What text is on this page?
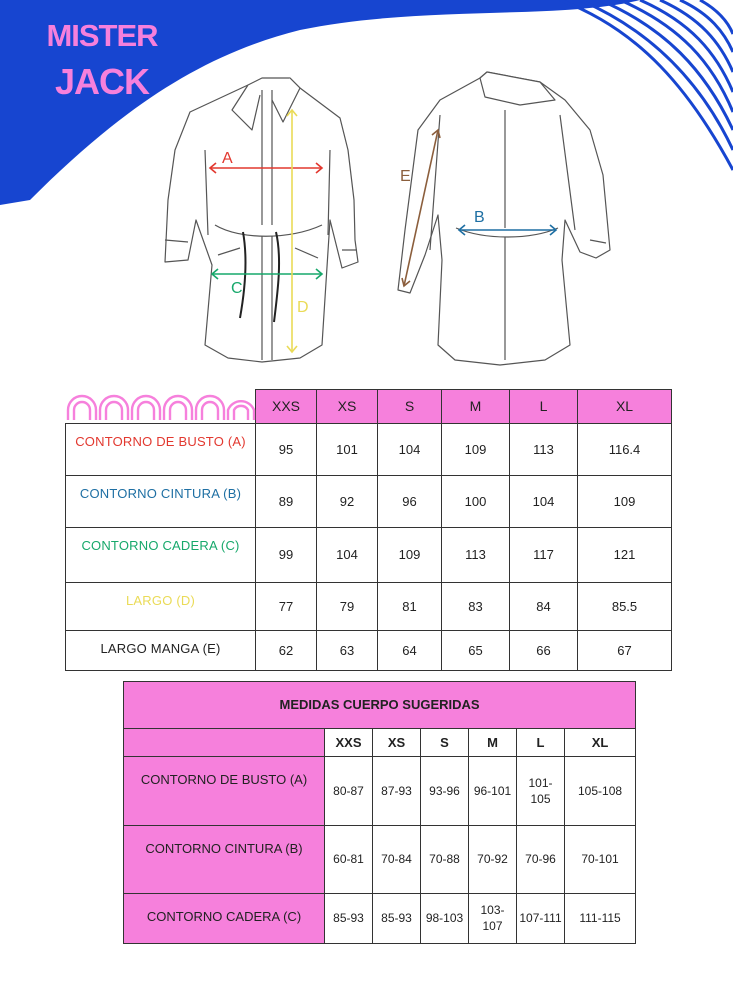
MISTER
JACK
A
B
C
D
E
	XXS	XS	S	M	L	XL
CONTORNO DE BUSTO (A)	95	101	104	109	113	116.4
CONTORNO CINTURA (B)	89	92	96	100	104	109
CONTORNO CADERA (C)	99	104	109	113	117	121
LARGO (D)	77	79	81	83	84	85.5
LARGO MANGA (E)	62	63	64	65	66	67
MEDIDAS CUERPO SUGERIDAS						
	XXS	XS	S	M	L	XL
CONTORNO DE BUSTO (A)	80-87	87-93	93-96	96-101	101-
105	105-108
CONTORNO CINTURA (B)	60-81	70-84	70-88	70-92	70-96	70-101
CONTORNO CADERA (C)	85-93	85-93	98-103	103-
107	107-111	111-115
